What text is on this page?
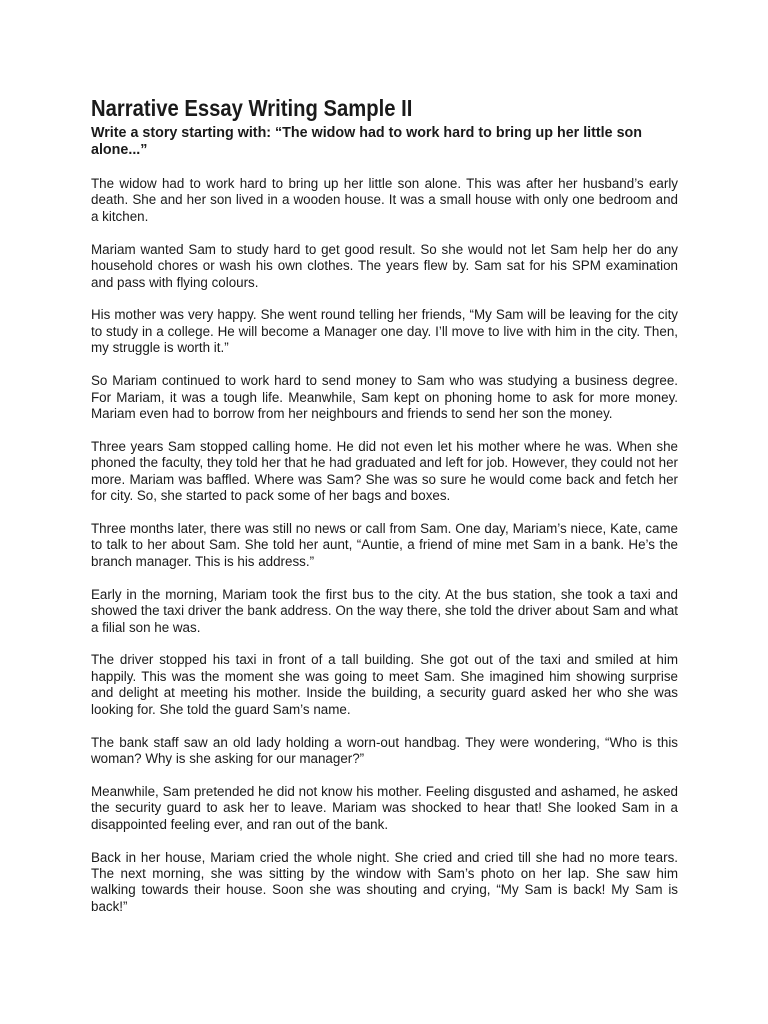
Narrative Essay Writing Sample II
Write a story starting with: “The widow had to work hard to bring up her little son alone...”

The widow had to work hard to bring up her little son alone. This was after her husband’s early death. She and her son lived in a wooden house. It was a small house with only one bedroom and a kitchen.

Mariam wanted Sam to study hard to get good result. So she would not let Sam help her do any household chores or wash his own clothes. The years flew by. Sam sat for his SPM examination and pass with flying colours.

His mother was very happy. She went round telling her friends, “My Sam will be leaving for the city to study in a college. He will become a Manager one day. I’ll move to live with him in the city. Then, my struggle is worth it.”

So Mariam continued to work hard to send money to Sam who was studying a business degree. For Mariam, it was a tough life. Meanwhile, Sam kept on phoning home to ask for more money. Mariam even had to borrow from her neighbours and friends to send her son the money.

Three years Sam stopped calling home. He did not even let his mother where he was. When she phoned the faculty, they told her that he had graduated and left for job. However, they could not her more. Mariam was baffled. Where was Sam? She was so sure he would come back and fetch her for city. So, she started to pack some of her bags and boxes.

Three months later, there was still no news or call from Sam. One day, Mariam’s niece, Kate, came to talk to her about Sam. She told her aunt, “Auntie, a friend of mine met Sam in a bank. He’s the branch manager. This is his address.”

Early in the morning, Mariam took the first bus to the city. At the bus station, she took a taxi and showed the taxi driver the bank address. On the way there, she told the driver about Sam and what a filial son he was.

The driver stopped his taxi in front of a tall building. She got out of the taxi and smiled at him happily. This was the moment she was going to meet Sam. She imagined him showing surprise and delight at meeting his mother. Inside the building, a security guard asked her who she was looking for. She told the guard Sam’s name.

The bank staff saw an old lady holding a worn-out handbag. They were wondering, “Who is this woman? Why is she asking for our manager?”

Meanwhile, Sam pretended he did not know his mother. Feeling disgusted and ashamed, he asked the security guard to ask her to leave. Mariam was shocked to hear that! She looked Sam in a disappointed feeling ever, and ran out of the bank.

Back in her house, Mariam cried the whole night. She cried and cried till she had no more tears. The next morning, she was sitting by the window with Sam’s photo on her lap. She saw him walking towards their house. Soon she was shouting and crying, “My Sam is back! My Sam is back!”
